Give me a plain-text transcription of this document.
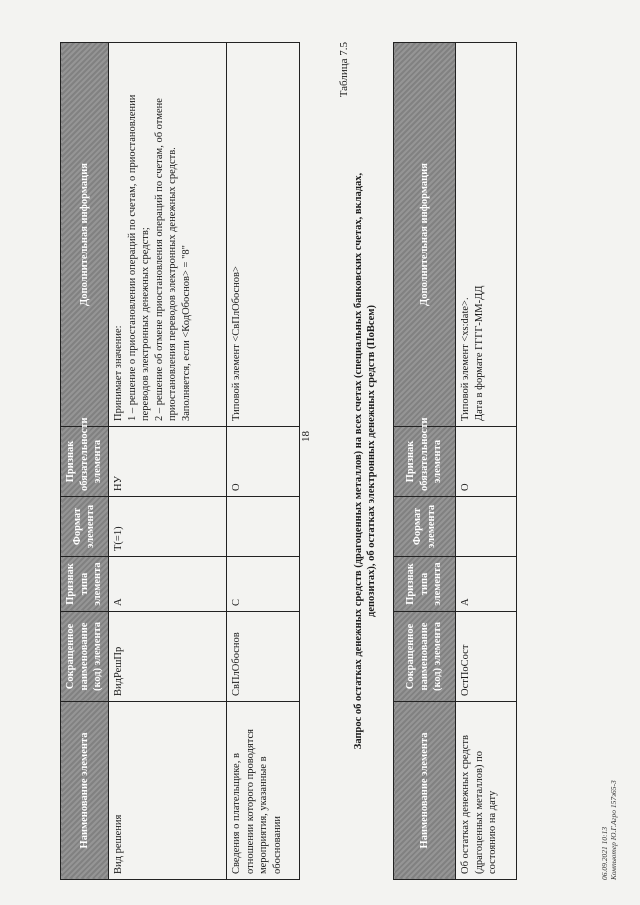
18
Наименование элемента	Сокращенное наименование (код) элемента	Признак типа элемента	Формат элемента	Признак обязательности элемента	Дополнительная информация
Вид решения	ВидРешПр	А	T(=1)	НУ	Принимает значение: 1 – решение о приостановлении операций по счетам, о приостановлении переводов электронных денежных средств; 2 – решение об отмене приостановления операций по счетам, об отмене приостановления переводов электронных денежных средств. Заполняется, если <КодОбоснов> = "8"

Сведения о плательщике, в отношении которого проводятся мероприятия, указанные в обосновании	СвПлОбоснов	С		О	Типовой элемент <СвПлОбоснов>
Таблица 7.5
Запрос об остатках денежных средств (драгоценных металлов) на всех счетах (специальных банковских счетах, вкладах, депозитах), об остатках электронных денежных средств (ПоВсем)
Наименование элемента	Сокращенное наименование (код) элемента	Признак типа элемента	Формат элемента	Признак обязательности элемента	Дополнительная информация
Об остатках денежных средств (драгоценных металлов) по состоянию на дату	ОстПоСост	А		О	Типовой элемент <xs:date>. Дата в формате ГГГГ-ММ-ДД
06.09.2021 10:13 Компьютер Ю.Г.Агро 157з65-3
